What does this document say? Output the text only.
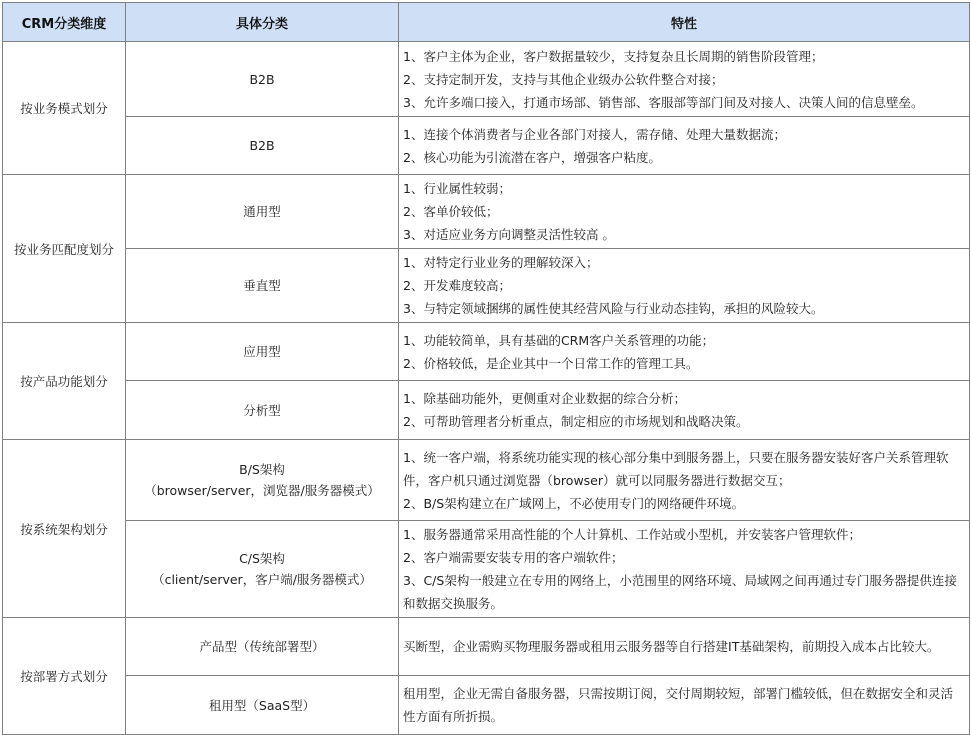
CRM分类维度	具体分类	特性
按业务模式划分	B2B	1、客户主体为企业，客户数据量较少，支持复杂且长周期的销售阶段管理；
2、支持定制开发，支持与其他企业级办公软件整合对接；
3、允许多端口接入，打通市场部、销售部、客服部等部门间及对接人、决策人间的信息壁垒。

	B2B	1、连接个体消费者与企业各部门对接人，需存储、处理大量数据流；
2、核心功能为引流潜在客户，增强客户粘度。

按业务匹配度划分	通用型	1、行业属性较弱；
2、客单价较低；
3、对适应业务方向调整灵活性较高 。

	垂直型	1、对特定行业业务的理解较深入；
2、开发难度较高；
3、与特定领域捆绑的属性使其经营风险与行业动态挂钩，承担的风险较大。

按产品功能划分	应用型	1、功能较简单，具有基础的CRM客户关系管理的功能；
2、价格较低，是企业其中一个日常工作的管理工具。

	分析型	1、除基础功能外，更侧重对企业数据的综合分析；
2、可帮助管理者分析重点，制定相应的市场规划和战略决策。

按系统架构划分	B/S架构
（browser/server，浏览器/服务器模式）	1、统一客户端，将系统功能实现的核心部分集中到服务器上，只要在服务器安装好客户关系管理软件，客户机只通过浏览器（browser）就可以同服务器进行数据交互；
2、B/S架构建立在广域网上，不必使用专门的网络硬件环境。

	C/S架构
（client/server，客户端/服务器模式）	1、服务器通常采用高性能的个人计算机、工作站或小型机，并安装客户管理软件；
2、客户端需要安装专用的客户端软件；
3、C/S架构一般建立在专用的网络上，小范围里的网络环境、局域网之间再通过专门服务器提供连接和数据交换服务。

按部署方式划分	产品型（传统部署型）	买断型，企业需购买物理服务器或租用云服务器等自行搭建IT基础架构，前期投入成本占比较大。

	租用型（SaaS型）	租用型，企业无需自备服务器，只需按期订阅，交付周期较短，部署门槛较低，但在数据安全和灵活性方面有所折损。
